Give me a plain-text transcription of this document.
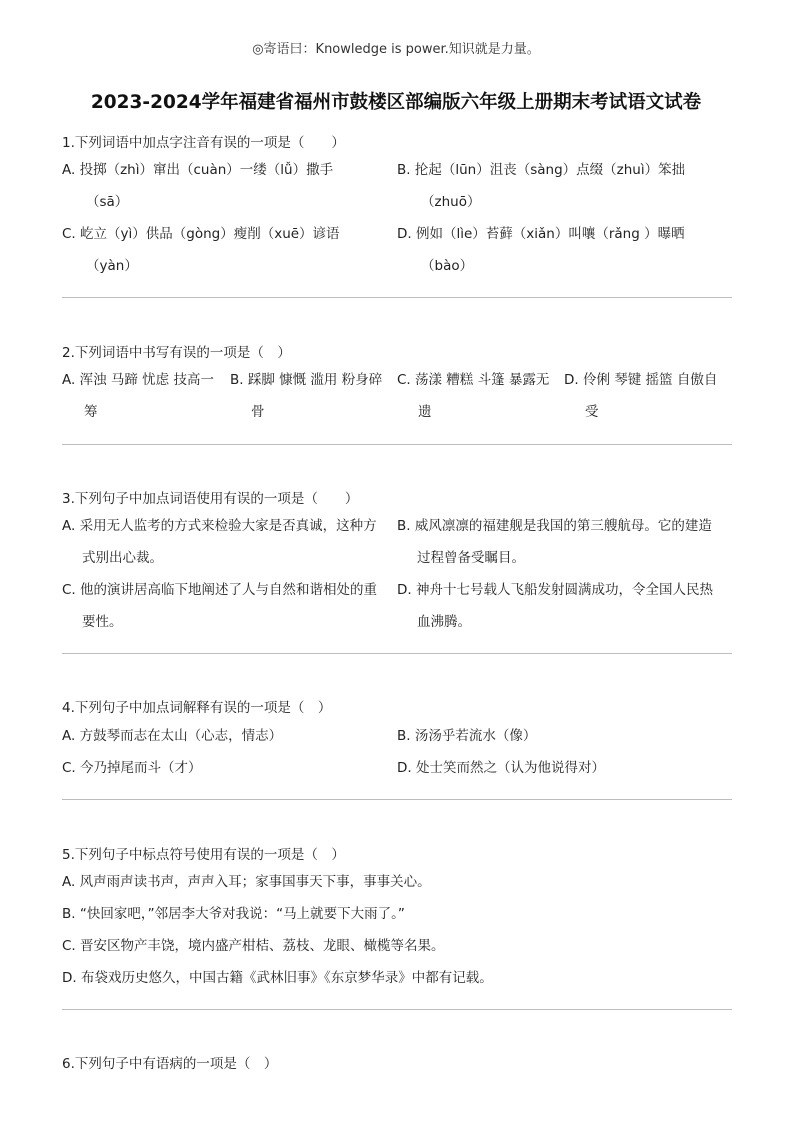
◎寄语曰：Knowledge is power.知识就是力量。
2023-2024学年福建省福州市鼓楼区部编版六年级上册期末考试语文试卷
1.下列词语中加点字注音有误的一项是（　　）
A. 投掷（zhì）窜出（cuàn）一缕（lǚ）撒手
（sā）
B. 抡起（lūn）沮丧（sàng）点缀（zhuì）笨拙
（zhuō）
C. 屹立（yì）供品（gòng）瘦削（xuē）谚语
（yàn）
D. 例如（lìe）苔藓（xiǎn）叫嚷（rǎng ）曝晒
（bào）
2.下列词语中书写有误的一项是（　）
A. 浑浊 马蹄 忧虑 技高一
筹
B. 踩脚 慷慨 滥用 粉身碎
骨
C. 荡漾 糟糕 斗篷 暴露无
遗
D. 伶俐 琴键 摇篮 自傲自
受
3.下列句子中加点词语使用有误的一项是（　　）
A. 采用无人监考的方式来检验大家是否真诚，这种方
式别出心裁。
B. 威风凛凛的福建舰是我国的第三艘航母。它的建造
过程曾备受瞩目。
C. 他的演讲居高临下地阐述了人与自然和谐相处的重
要性。
D. 神舟十七号载人飞船发射圆满成功，令全国人民热
血沸腾。
4.下列句子中加点词解释有误的一项是（　）
A. 方鼓琴而志在太山（心志，情志）	B. 汤汤乎若流水（像）
C. 今乃掉尾而斗（才）	D. 处士笑而然之（认为他说得对）
5.下列句子中标点符号使用有误的一项是（　）
A. 风声雨声读书声，声声入耳；家事国事天下事，事事关心。
B. “快回家吧，”邻居李大爷对我说：“马上就要下大雨了。”
C. 晋安区物产丰饶，境内盛产柑桔、荔枝、龙眼、橄榄等名果。
D. 布袋戏历史悠久，中国古籍《武林旧事》《东京梦华录》中都有记载。
6.下列句子中有语病的一项是（　）
